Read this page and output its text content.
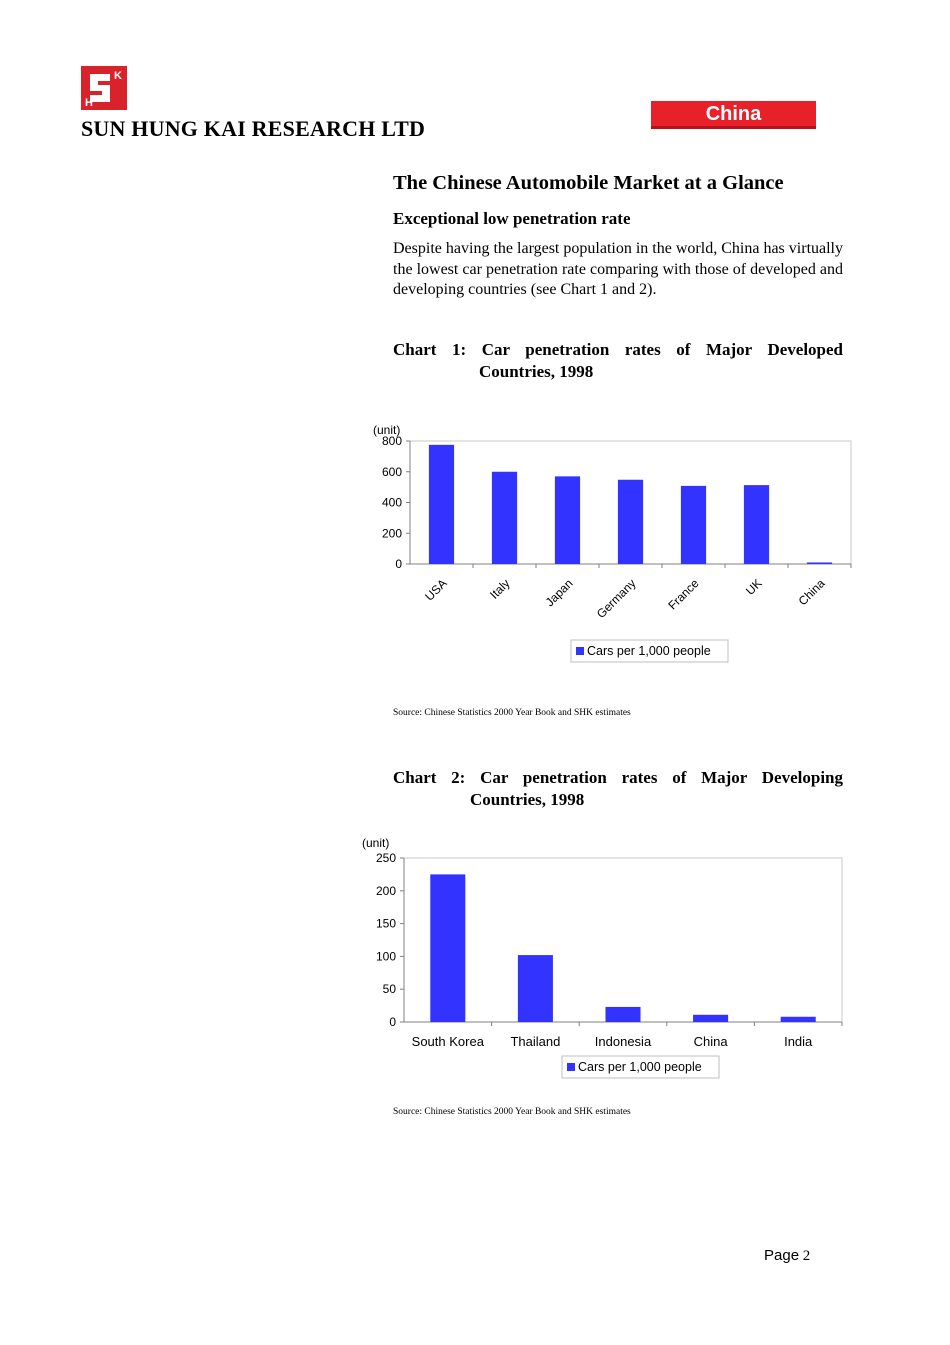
K
H
S
SUN HUNG KAI RESEARCH LTD
China
The Chinese Automobile Market at a Glance
Exceptional low penetration rate
Despite having the largest population in the world, China has virtually the lowest car penetration rate comparing with those of developed and developing countries (see Chart 1 and 2).
Chart 1: Car penetration rates of Major Developed
Countries, 1998
0
200
400
600
800
(unit)
USA	Italy Japan Germany France	UK	China
Cars per 1,000 people
Source: Chinese Statistics 2000 Year Book and SHK estimates
Chart 2: Car penetration rates of Major Developing
Countries, 1998
0
50
100
150
200
250
(unit)
South Korea Thailand	Indonesia	China	India
Cars per 1,000 people
Source: Chinese Statistics 2000 Year Book and SHK estimates
Page 2
